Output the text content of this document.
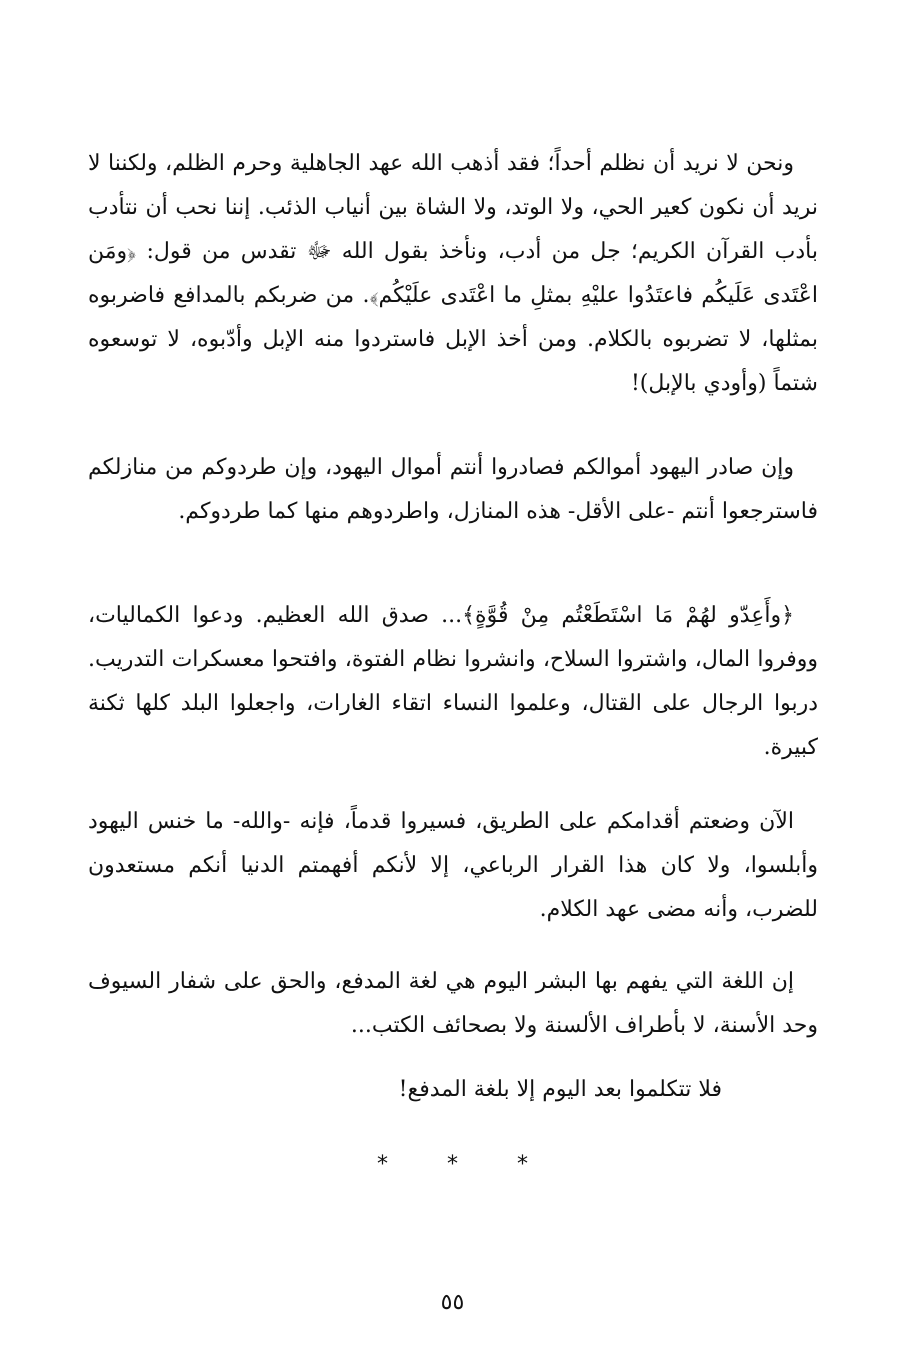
ونحن لا نريد أن نظلم أحداً؛ فقد أذهب الله عهد الجاهلية وحرم الظلم، ولكننا لا نريد أن نكون كعير الحي، ولا الوتد، ولا الشاة بين أنياب الذئب. إننا نحب أن نتأدب بأدب القرآن الكريم؛ جل من أدب، ونأخذ بقول الله ﷻ تقدس من قول: ﴿ومَن اعْتَدى عَلَيكُم فاعتَدُوا عليْهِ بمثلِ ما اعْتَدى علَيْكُم﴾. من ضربكم بالمدافع فاضربوه بمثلها، لا تضربوه بالكلام. ومن أخذ الإبل فاستردوا منه الإبل وأدّبوه، لا توسعوه شتماً (وأودي بالإبل)!

وإن صادر اليهود أموالكم فصادروا أنتم أموال اليهود، وإن طردوكم من منازلكم فاسترجعوا أنتم -على الأقل- هذه المنازل، واطردوهم منها كما طردوكم.

﴿وأَعِدّو لهُمْ مَا اسْتَطَعْتُم مِنْ قُوَّةٍ﴾... صدق الله العظيم. ودعوا الكماليات، ووفروا المال، واشتروا السلاح، وانشروا نظام الفتوة، وافتحوا معسكرات التدريب. دربوا الرجال على القتال، وعلموا النساء اتقاء الغارات، واجعلوا البلد كلها ثكنة كبيرة.

الآن وضعتم أقدامكم على الطريق، فسيروا قدماً، فإنه -والله- ما خنس اليهود وأبلسوا، ولا كان هذا القرار الرباعي، إلا لأنكم أفهمتم الدنيا أنكم مستعدون للضرب، وأنه مضى عهد الكلام.

إن اللغة التي يفهم بها البشر اليوم هي لغة المدفع، والحق على شفار السيوف وحد الأسنة، لا بأطراف الألسنة ولا بصحائف الكتب...

فلا تتكلموا بعد اليوم إلا بلغة المدفع!

* * *
٥٥
